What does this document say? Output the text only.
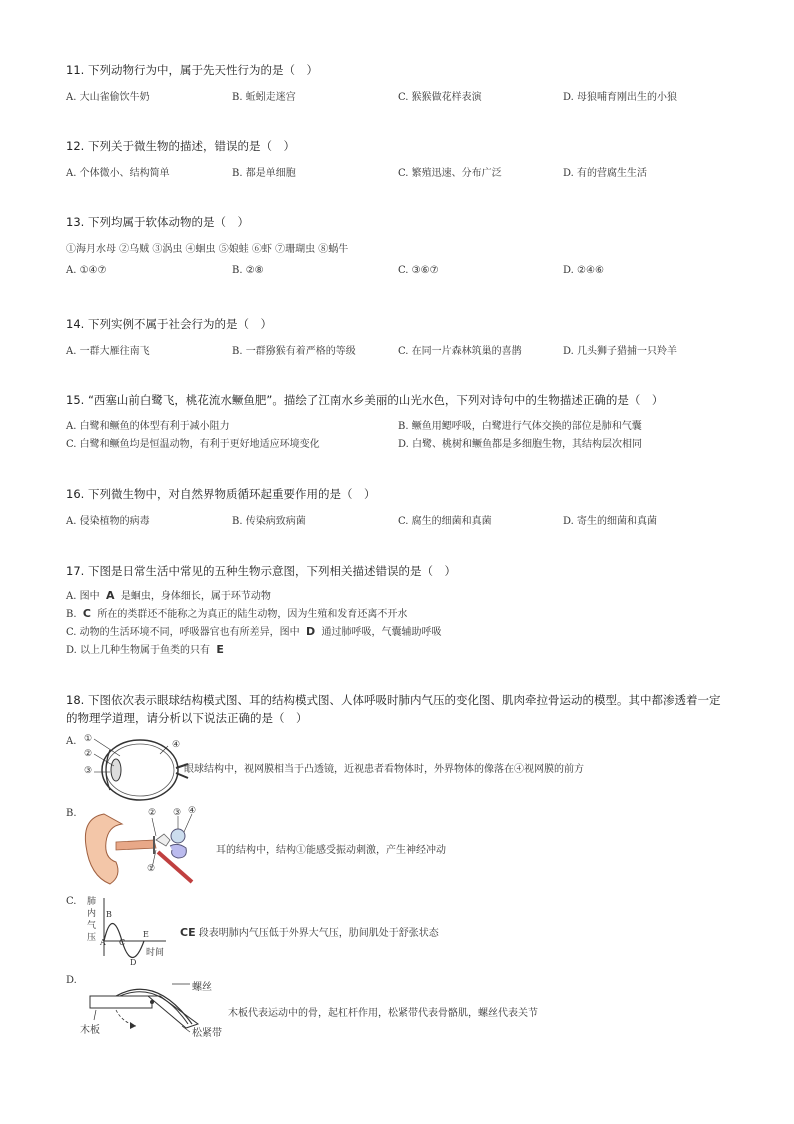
11. 下列动物行为中，属于先天性行为的是（　）
A. 大山雀偷饮牛奶	B. 蚯蚓走迷宫	C. 猴猴做花样表演	D. 母狼哺育刚出生的小狼
12. 下列关于微生物的描述，错误的是（　）
A. 个体微小、结构简单	B. 都是单细胞	C. 繁殖迅速、分布广泛	D. 有的营腐生生活
13. 下列均属于软体动物的是（　）
①海月水母 ②乌贼 ③涡虫 ④蛔虫 ⑤娘蛙 ⑥虾 ⑦珊瑚虫 ⑧蜗牛
A. ①④⑦	B. ②⑧	C. ③⑥⑦	D. ②④⑥
14. 下列实例不属于社会行为的是（　）
A. 一群大雁往南飞	B. 一群猕猴有着严格的等级	C. 在同一片森林筑巢的喜鹊	D. 几头狮子猎捕一只羚羊
15. “西塞山前白鹭飞，桃花流水鳜鱼肥”。描绘了江南水乡美丽的山光水色，下列对诗句中的生物描述正确的是（　）
A. 白鹭和鳜鱼的体型有利于减小阻力	B. 鳜鱼用鳃呼吸，白鹭进行气体交换的部位是肺和气囊
C. 白鹭和鳜鱼均是恒温动物，有利于更好地适应环境变化	D. 白鹭、桃树和鳜鱼都是多细胞生物，其结构层次相同
16. 下列微生物中，对自然界物质循环起重要作用的是（　）
A. 侵染植物的病毒	B. 传染病致病菌	C. 腐生的细菌和真菌	D. 寄生的细菌和真菌
17. 下图是日常生活中常见的五种生物示意图，下列相关描述错误的是（　）
A. 图中 A 是蛔虫，身体细长，属于环节动物
B. C 所在的类群还不能称之为真正的陆生动物，因为生殖和发育还离不开水
C. 动物的生活环境不同，呼吸器官也有所差异，图中 D 通过肺呼吸，气囊辅助呼吸
D. 以上几种生物属于鱼类的只有 E
18. 下图依次表示眼球结构模式图、耳的结构模式图、人体呼吸时肺内气压的变化图、肌肉牵拉骨运动的模型。其中都渗透着一定
的物理学道理，请分析以下说法正确的是（　）
A. ①
②
③
④
眼球结构中，视网膜相当于凸透镜，近视患者看物体时，外界物体的像落在④视网膜的前方
B.	② ③ ④
①
耳的结构中，结构①能感受振动刺激，产生神经冲动
C. 肺
内
气
压 A
B
C
D
E
时间
CE 段表明肺内气压低于外界大气压，肋间肌处于舒张状态
D.
螺丝
木板	松紧带
木板代表运动中的骨，起杠杆作用，松紧带代表骨骼肌，螺丝代表关节
